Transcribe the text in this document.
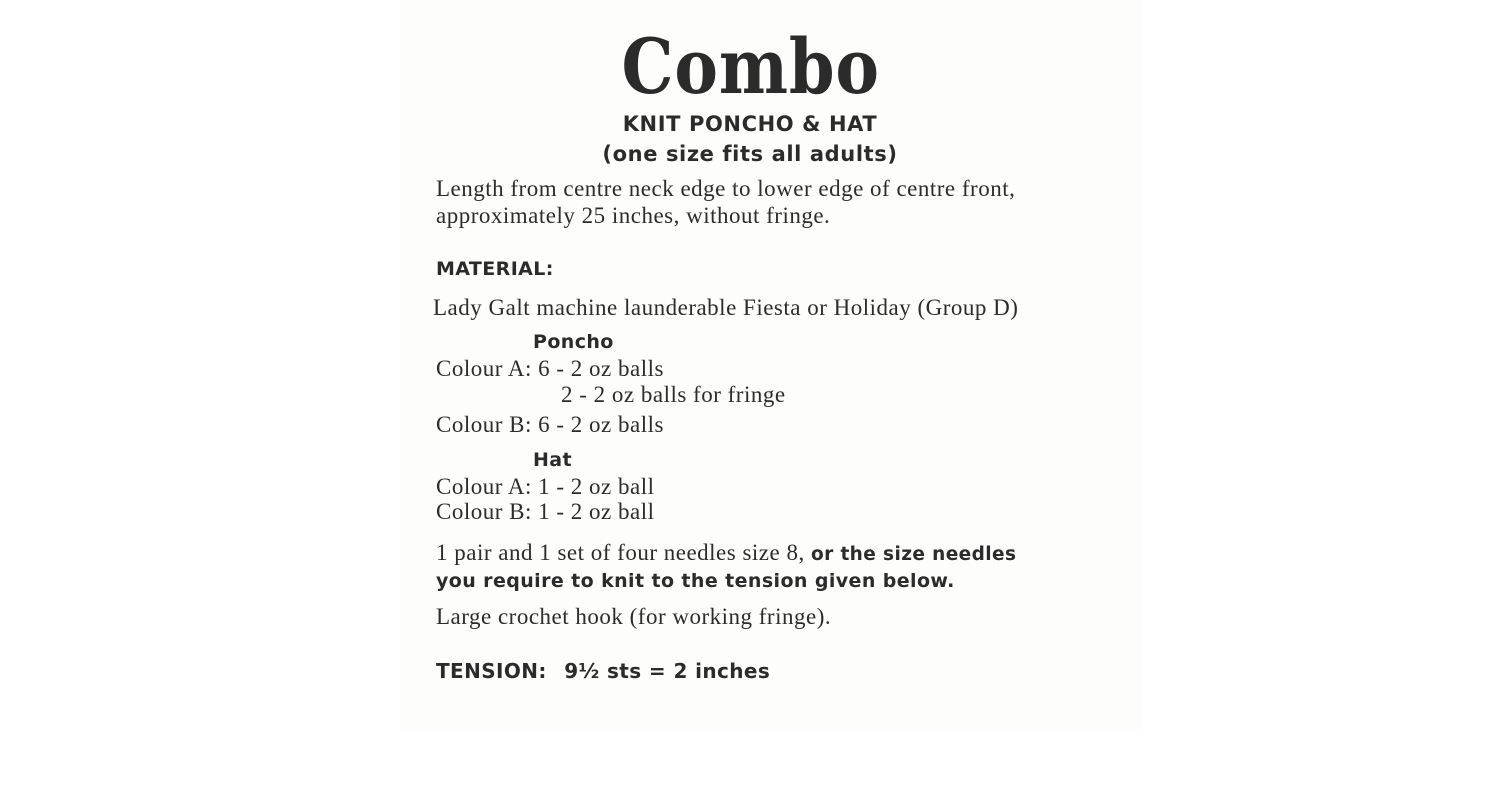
Combo
KNIT PONCHO & HAT
(one size fits all adults)
Length from centre neck edge to lower edge of centre front,
approximately 25 inches, without fringe.
MATERIAL:
Lady Galt machine launderable Fiesta or Holiday (Group D)
Poncho
Colour A: 6 - 2 oz balls
2 - 2 oz balls for fringe
Colour B: 6 - 2 oz balls
Hat
Colour A: 1 - 2 oz ball
Colour B: 1 - 2 oz ball
1 pair and 1 set of four needles size 8, or the size needles
you require to knit to the tension given below.
Large crochet hook (for working fringe).
TENSION: 9½ sts = 2 inches
